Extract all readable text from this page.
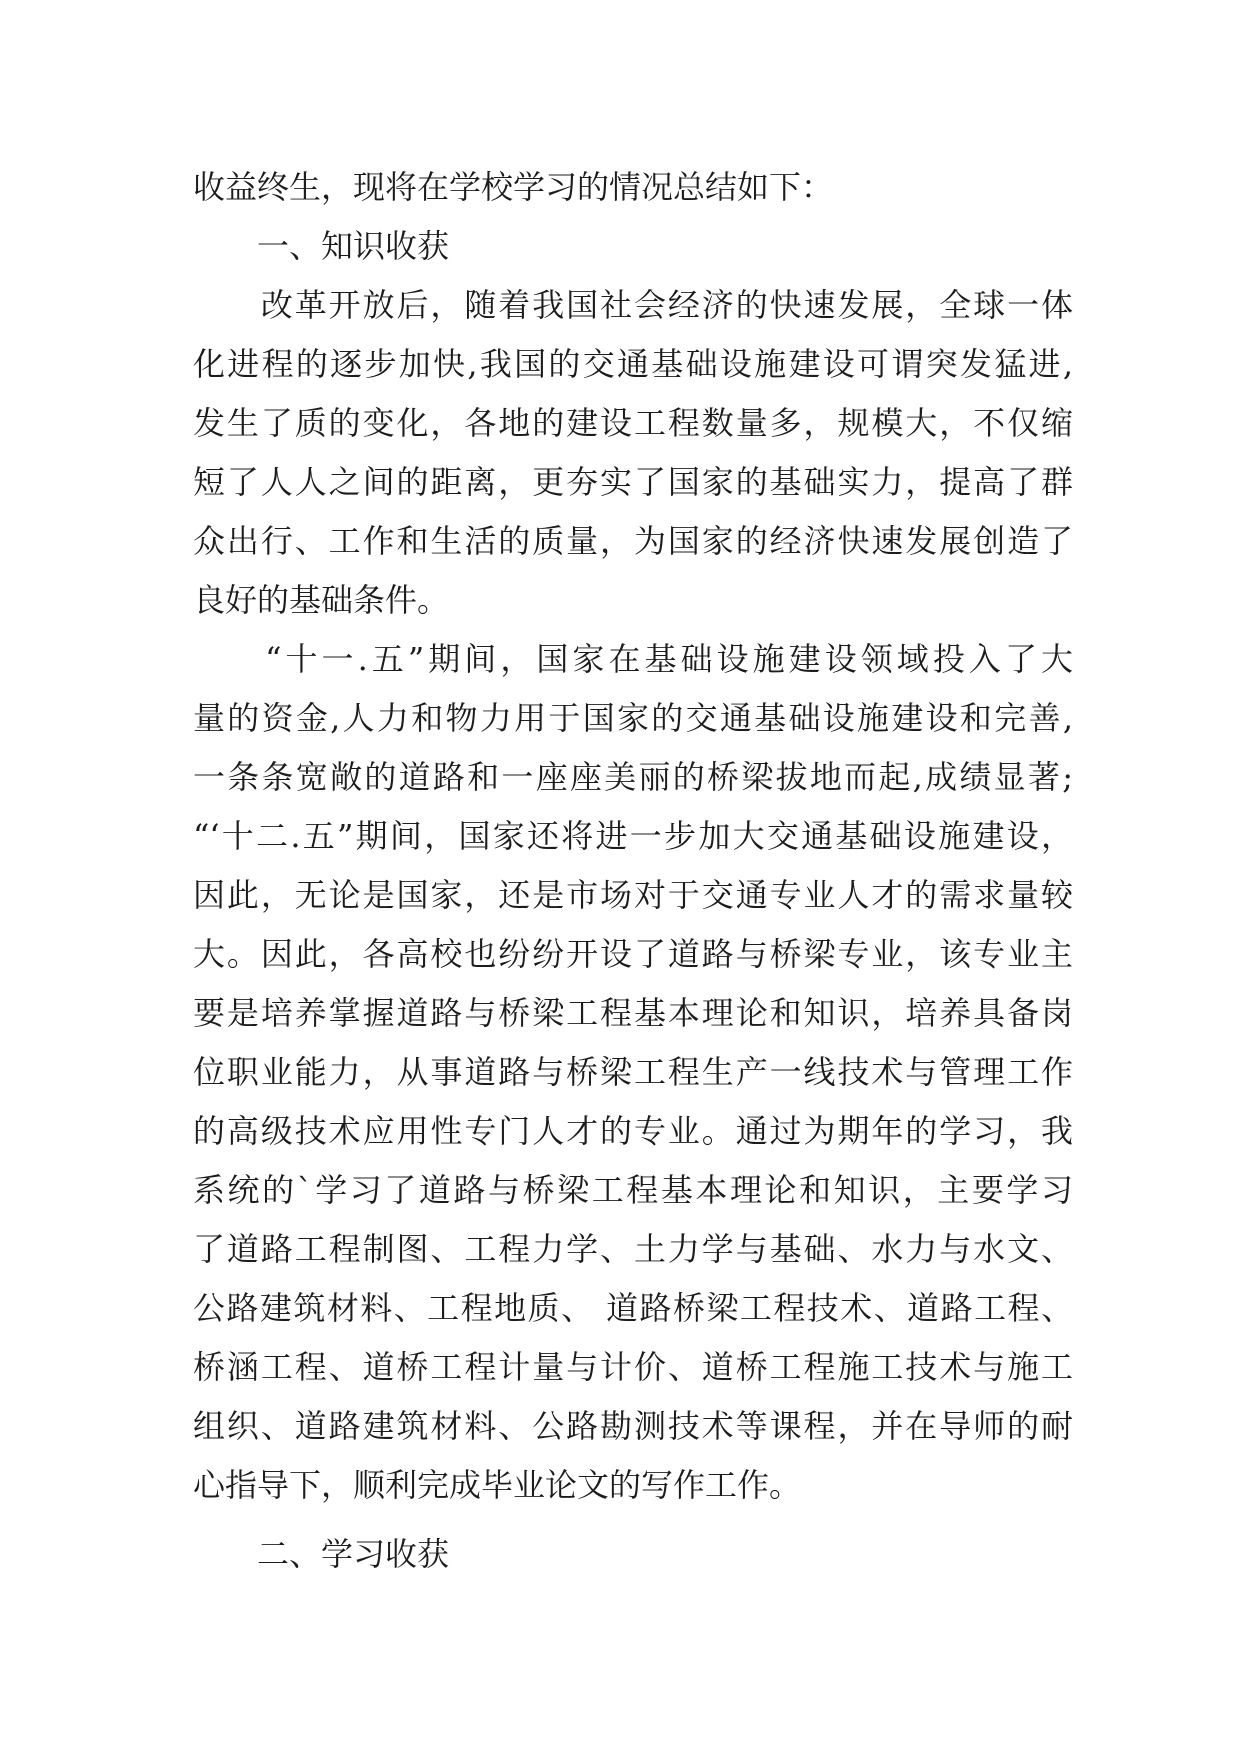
收益终生，现将在学校学习的情况总结如下：
　　一、知识收获
　　改革开放后，随着我国社会经济的快速发展，全球一体
化进程的逐步加快,我国的交通基础设施建设可谓突发猛进,
发生了质的变化，各地的建设工程数量多，规模大，不仅缩
短了人人之间的距离，更夯实了国家的基础实力，提高了群
众出行、工作和生活的质量，为国家的经济快速发展创造了
良好的基础条件。
　　“十一.五”期间，国家在基础设施建设领域投入了大
量的资金,人力和物力用于国家的交通基础设施建设和完善,
一条条宽敞的道路和一座座美丽的桥梁拔地而起,成绩显著;
“‘十二.五”期间，国家还将进一步加大交通基础设施建设，
因此，无论是国家，还是市场对于交通专业人才的需求量较
大。因此，各高校也纷纷开设了道路与桥梁专业，该专业主
要是培养掌握道路与桥梁工程基本理论和知识，培养具备岗
位职业能力，从事道路与桥梁工程生产一线技术与管理工作
的高级技术应用性专门人才的专业。通过为期年的学习，我
系统的`学习了道路与桥梁工程基本理论和知识，主要学习
了道路工程制图、工程力学、土力学与基础、水力与水文、
公路建筑材料、工程地质、 道路桥梁工程技术、道路工程、
桥涵工程、道桥工程计量与计价、道桥工程施工技术与施工
组织、道路建筑材料、公路勘测技术等课程，并在导师的耐
心指导下，顺利完成毕业论文的写作工作。
　　二、学习收获
